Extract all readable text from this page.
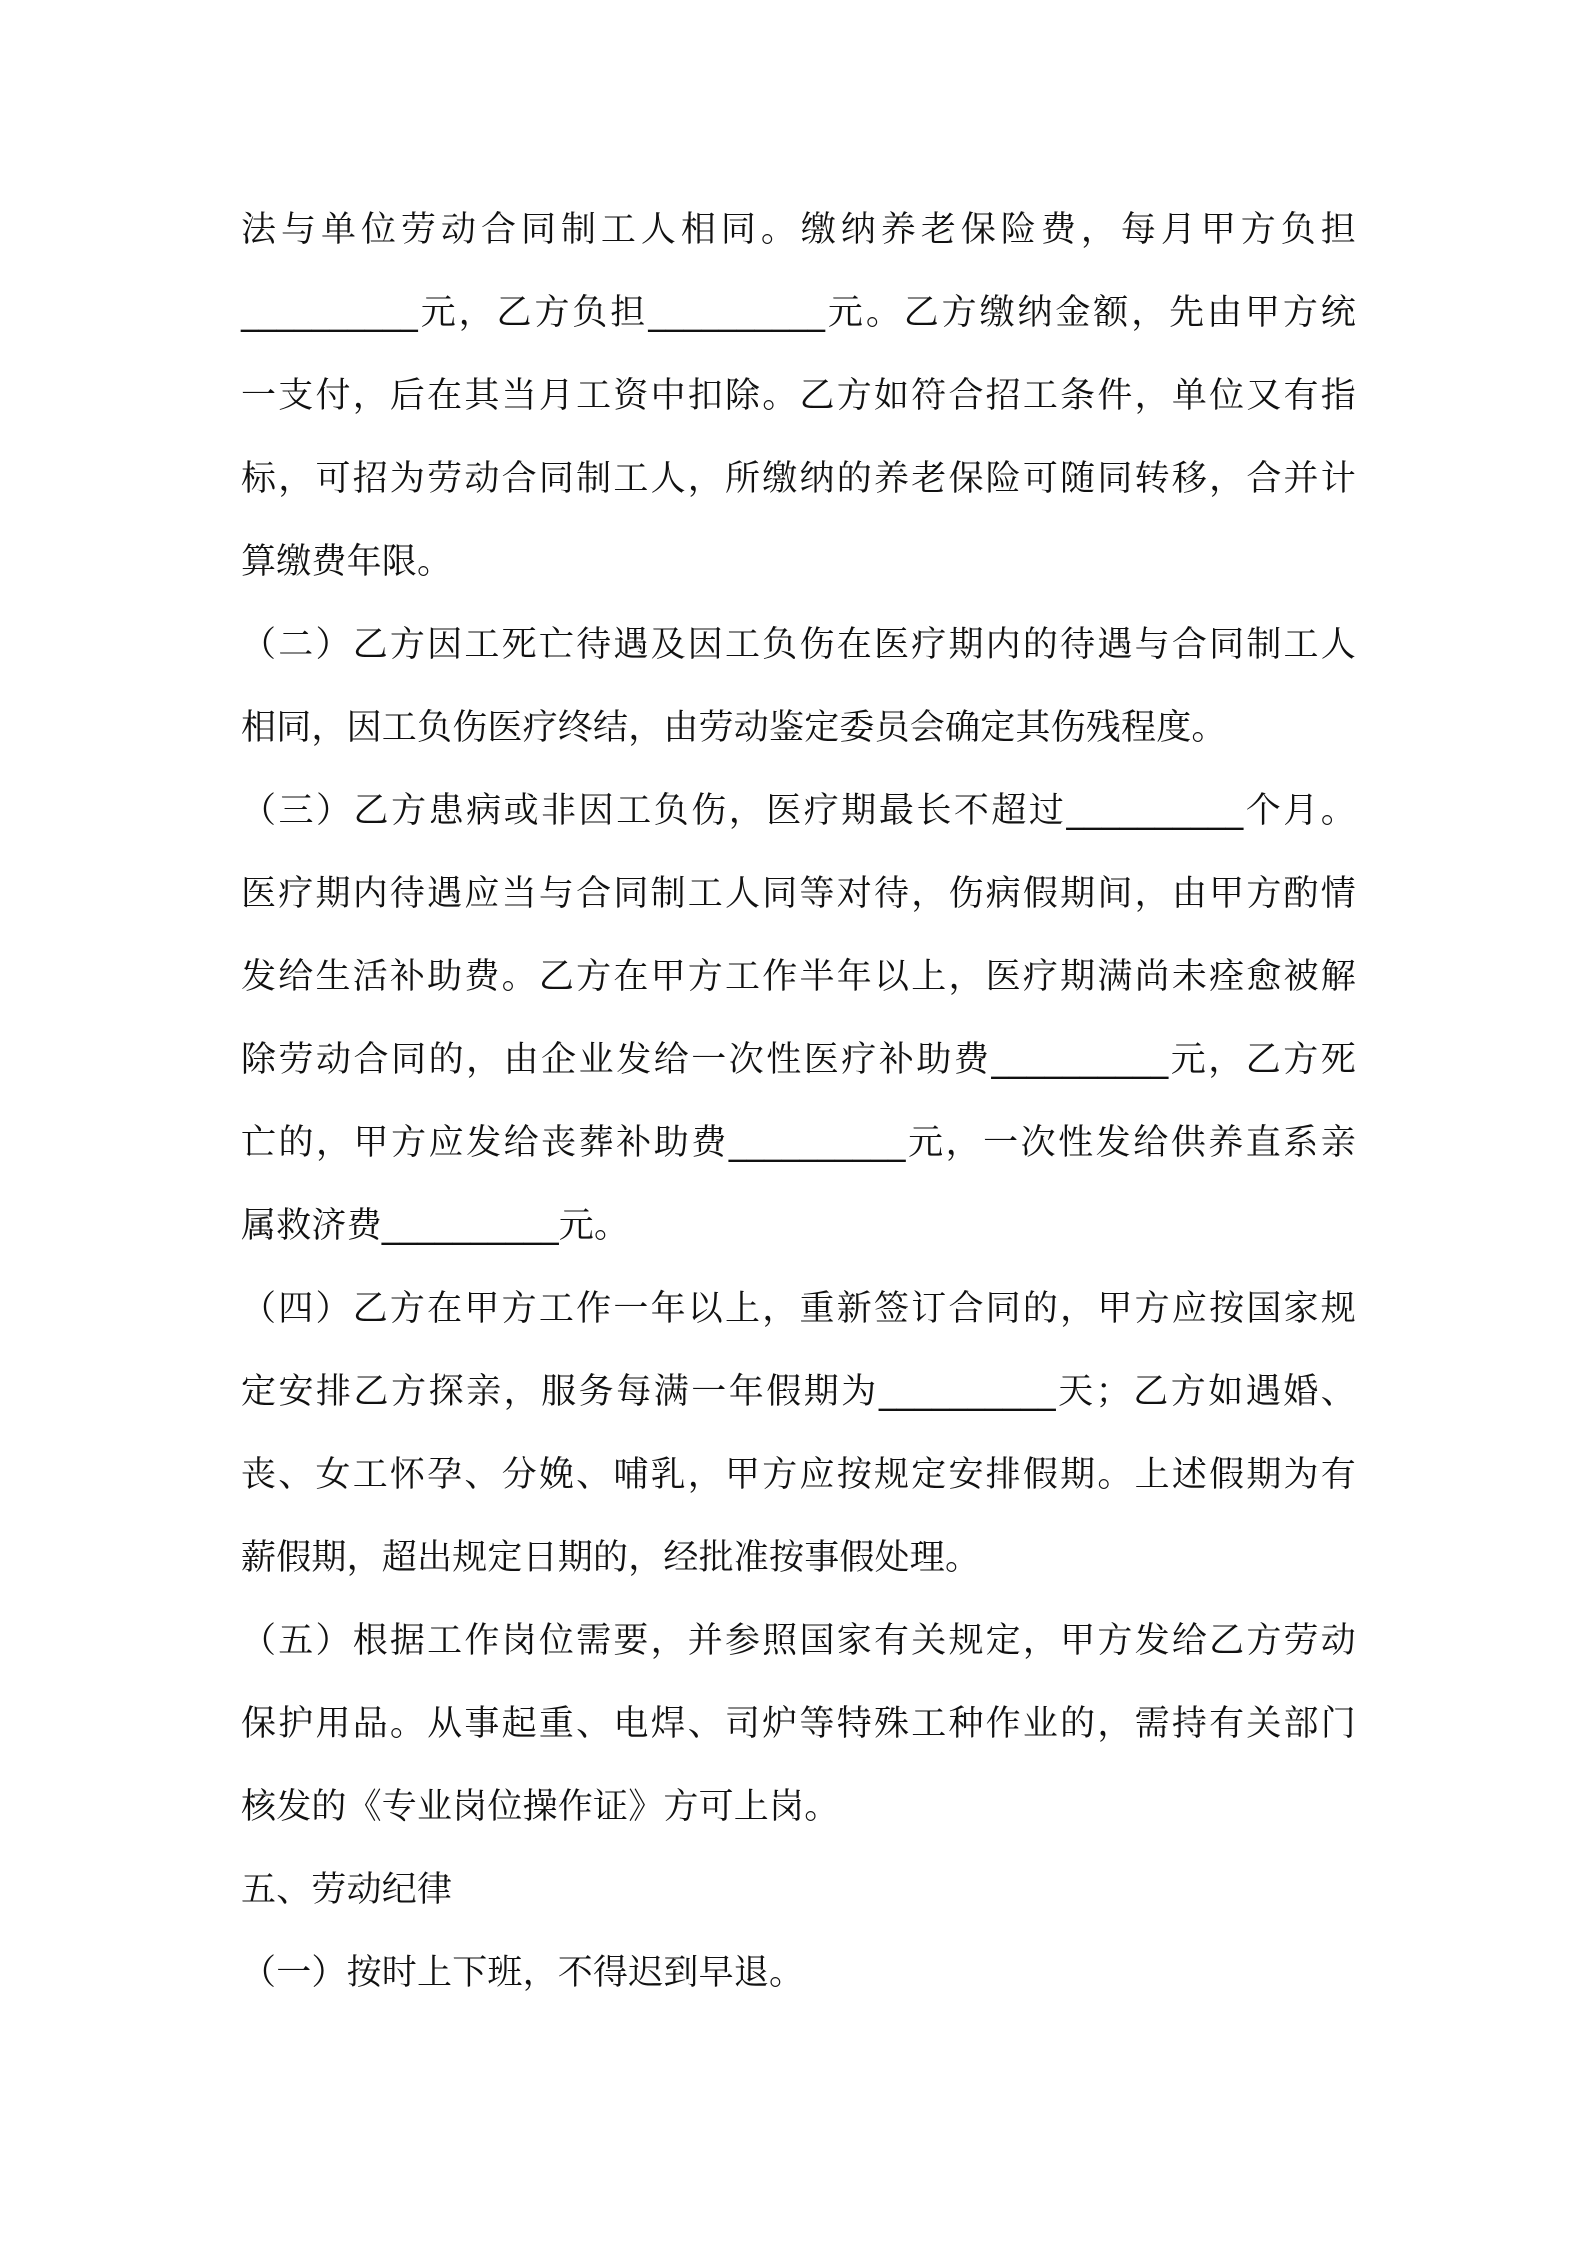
法与单位劳动合同制工人相同。缴纳养老保险费，每月甲方负担
__________元，乙方负担__________元。乙方缴纳金额，先由甲方统
一支付，后在其当月工资中扣除。乙方如符合招工条件，单位又有指
标，可招为劳动合同制工人，所缴纳的养老保险可随同转移，合并计
算缴费年限。
（二）乙方因工死亡待遇及因工负伤在医疗期内的待遇与合同制工人
相同，因工负伤医疗终结，由劳动鉴定委员会确定其伤残程度。
（三）乙方患病或非因工负伤，医疗期最长不超过__________个月。
医疗期内待遇应当与合同制工人同等对待，伤病假期间，由甲方酌情
发给生活补助费。乙方在甲方工作半年以上，医疗期满尚未痊愈被解
除劳动合同的，由企业发给一次性医疗补助费__________元，乙方死
亡的，甲方应发给丧葬补助费__________元，一次性发给供养直系亲
属救济费__________元。
（四）乙方在甲方工作一年以上，重新签订合同的，甲方应按国家规
定安排乙方探亲，服务每满一年假期为__________天；乙方如遇婚、
丧、女工怀孕、分娩、哺乳，甲方应按规定安排假期。上述假期为有
薪假期，超出规定日期的，经批准按事假处理。
（五）根据工作岗位需要，并参照国家有关规定，甲方发给乙方劳动
保护用品。从事起重、电焊、司炉等特殊工种作业的，需持有关部门
核发的《专业岗位操作证》方可上岗。
五、劳动纪律
（一）按时上下班，不得迟到早退。
